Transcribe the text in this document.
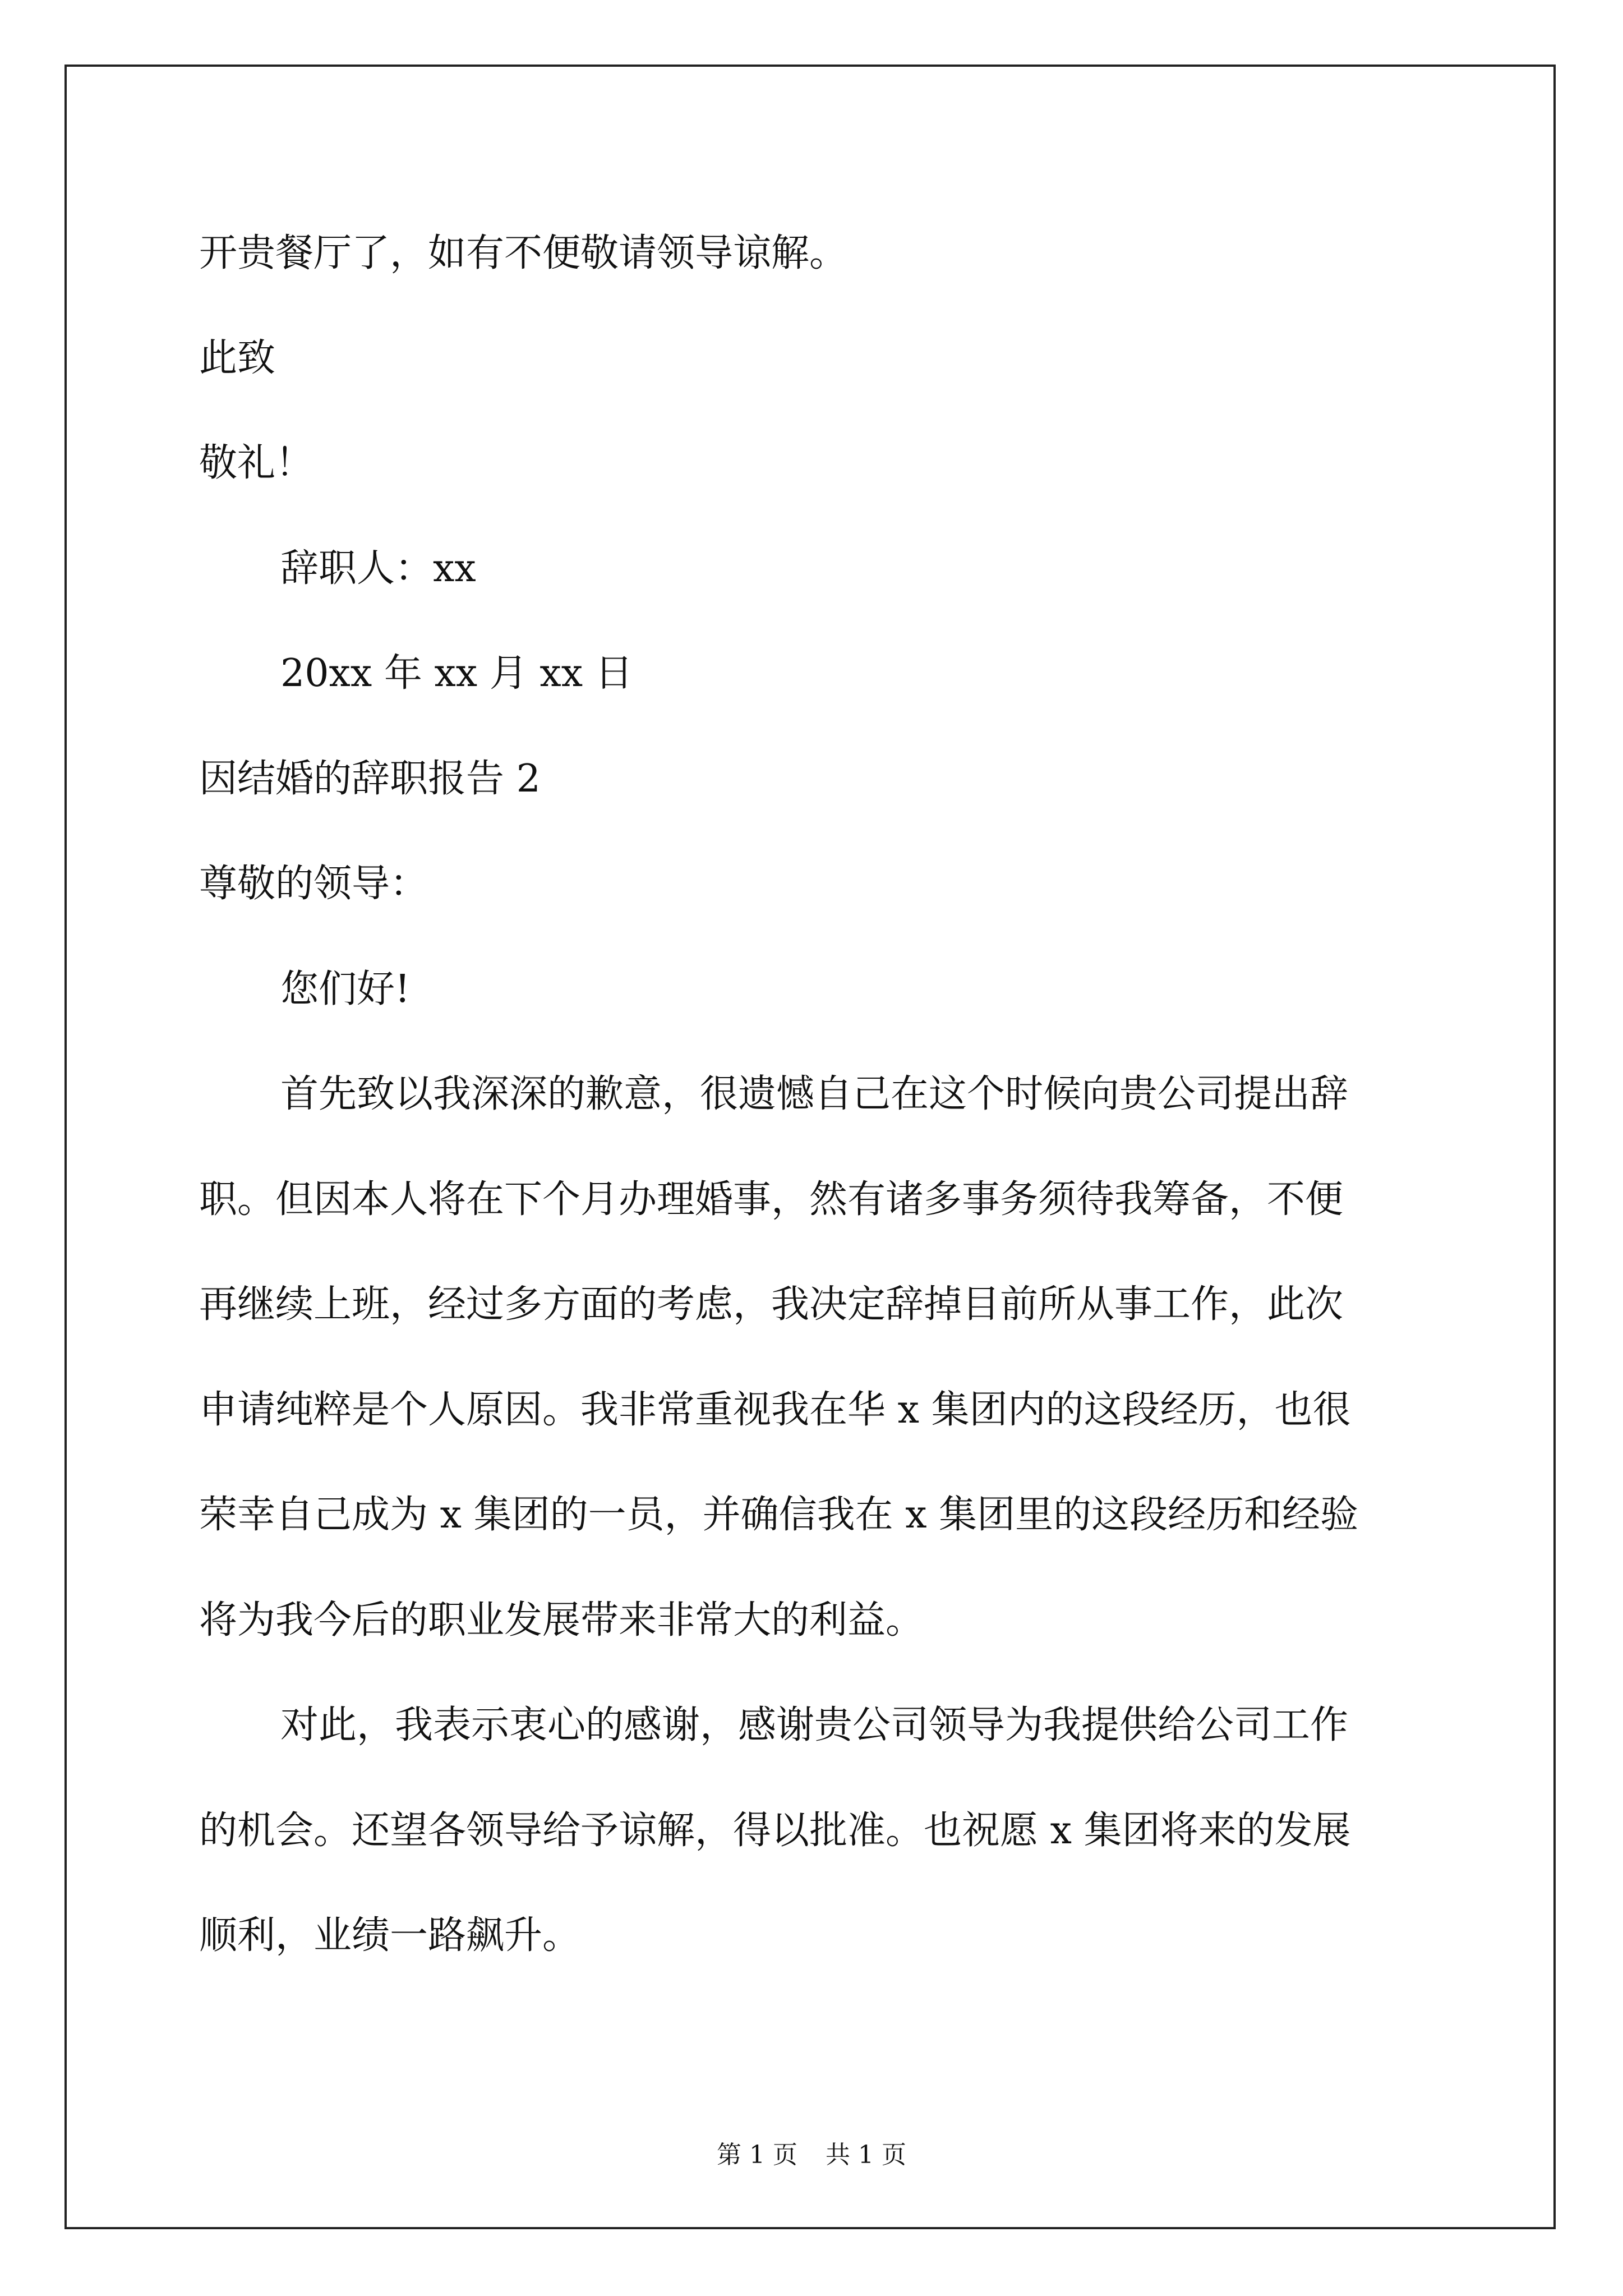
开贵餐厅了，如有不便敬请领导谅解。
此致
敬礼！
辞职人：xx
20xx 年 xx 月 xx 日
因结婚的辞职报告 2
尊敬的领导：
您们好!
首先致以我深深的歉意，很遗憾自己在这个时候向贵公司提出辞
职。但因本人将在下个月办理婚事，然有诸多事务须待我筹备，不便
再继续上班，经过多方面的考虑，我决定辞掉目前所从事工作，此次
申请纯粹是个人原因。我非常重视我在华 x 集团内的这段经历，也很
荣幸自己成为 x 集团的一员，并确信我在 x 集团里的这段经历和经验
将为我今后的职业发展带来非常大的利益。
对此，我表示衷心的感谢，感谢贵公司领导为我提供给公司工作
的机会。还望各领导给予谅解，得以批准。也祝愿 x 集团将来的发展
顺利，业绩一路飙升。
第 1 页 共 1 页
